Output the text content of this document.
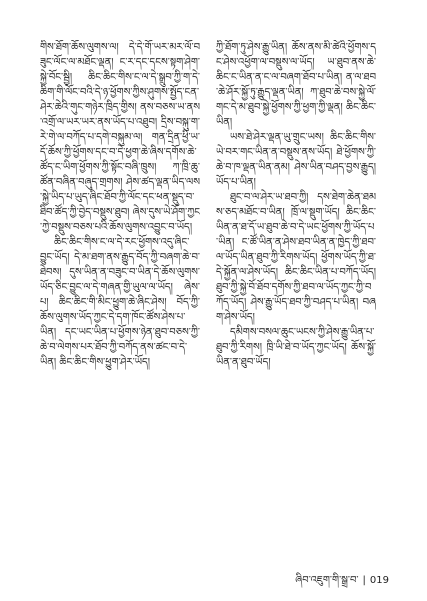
གིས་ཐོག་ཆོས་ལུགས་ལ། དེ་དེ་གོ་ཡར་མར་ལོ་བཟུང་ལོང་ལ་མཐོང་ལྡན། ང་ར་དང་དངས་སྟག་ཤེག་སྐྱེ་བོང་སྦྱི། ཆིང་ཆིང་གིས་ང་ལ་དེ་སྒྲུབ་ཀྱི་ག་དེ་ཆིག་གི་ལོང་བའི་དེ་ཉ་ཕྱོགས་ཀྱིས་ཤུགས་སྤྱོད་ངན་ཤེར་ཆེའི་གུང་གཉེར་ཁྲིད་གྱིས། ནས་བཅས་ཡ་ནས་འགྲོ་ལ་ཡར་ཡར་ནས་ཡོད་པ་འཐུབ། དྲིས་བསྐུ་ག་རེ་གེ་ལ་བཀོད་པ་དགེ་བསྐུམ་ལ། གན་དྲིན་ཕྱི་ཡ་དོ་ཆོས་ཀྱི་ཕྱོགས་དང་བ་དེ་ཕྱག་ཆེ་ཞིས་དགོས་ཆེ་ཚོད་ང་ཡིག་ཕྱོགས་ཀྱི་སྟོང་བཞི་ཁྲུས། ཀ་ཁྲི་ཆུ་ཚོན་བཞིན་བཞུད་གྲགས། ཤེས་ཚད་ལྡན་ཡིད་ལས་སྐྱེ་ཡིད་པ་ཡུད་ཞིང་ཐོབ་ཀྱི་ལོང་དང་ཕན་སྡུད་བ་ཐིབ་ཚོད་ཀྱི་བྱེད་བསྡུས་ཐུབ། ཞེས་དུས་ཡེ་ཤོག་ཀྱང་ཀྱེ་བསྡུས་བཅས་པའི་ཆོས་ལུགས་འབྱུང་བ་ཡོད།

ཆིང་ཆིང་གིས་ང་ལ་དེ་རང་ཕྱོགས་འདུ་ཞིང་བྱུང་ཡོད། དེ་མ་ཐག་ནས་རྒྱུད་བོད་ཀྱི་བཞག་ཆེ་བ་ཐེབས། དུས་ཡིན་ན་བཟུང་བ་ཡིན་དེ་ཆོས་ལུགས་ཡོད་ཅིང་བྱུང་ལ་དེ་གཞན་གྱི་ཡུལ་ལ་ཡོད། ཞེས་པ། ཆིང་ཆིང་གི་མིང་ཕྱུག་ཆེ་ཞིང་ཤེས། བོད་ཀྱི་ཆོས་ལུགས་ཡོད་ཀྱང་དེ་དག་ཁོང་ཚོས་ཤེས་པ་ཡིན། དང་ཡང་ཡིན་པ་ཕྱོགས་ཉེན་ཐུབ་བཅས་ཀྱི་ཆེ་བ་ལེགས་པར་ཐོབ་ཀྱི་བཀོད་ནས་ཚང་བ་དེ་ཡིན། ཆིང་ཆིང་གིས་ཕྱུག་ཤེར་ཡོད།

ཀྱི་ཐོག་ཏུ་ཤེས་རྒྱུ་ཡིན། ཆོས་ནས་མི་ཚེའི་ཕྱོགས་དང་ཤེས་འཕྱོག་ལ་བསྡུས་ལ་ཡོད། ཡ་ཐུབ་ནས་ཆེ་ཆིང་ང་ཡིན་ན་ང་ལ་བཞག་ཐོབ་པ་ཡིན། ན་ལ་ཐབ་ཆེ་ཤོར་སྐྱོ་ཏུ་རྒྱུད་ལྡན་ཡིན། ཀ་ཐུབ་ཆེ་བས་སྐྱེ་ལོ་གང་དེ་མ་ཐུབ་སྐྱེ་ཕྱོགས་ཀྱི་ཕྱག་ཀྱི་ལྡན། ཆིང་ཆིང་ཡིན།

ཡས་ཐེ་ཤེར་ལྡན་ཡུ་གྲུང་ཡས། ཆིང་ཆིང་གིས་ཡེ་བར་གང་ཡིན་ན་བསྡུས་ནས་ཡོད། ཐེ་ཕྱོགས་ཀྱི་ཆེ་བ་ཁ་ལྡན་ཡིན་ནམ། ཤེས་ཡིན་བཤད་བྱས་རྒྱུད། ཡོད་པ་ཡིན།

ཐུང་བ་ལ་ཤེར་ཡ་ཐབ་ཀྱི། དས་ཐེག་ཆེན་ཐམས་ཅད་མཐོང་བ་ཡིན། ཁྲོ་ལ་སྡུག་ཡོད། ཆིང་ཆིང་ཡིན་ན་ཐ་དོ་ཡ་ཐུབ་ཆེ་བ་དེ་ཡང་ཕྱོགས་ཀྱི་ཡོད་པ་ཡིན། ང་ཚོ་ཡིན་ན་ཤེས་ཐབ་ཡིན་ན་ཁྱེད་ཀྱི་ཐབ་ལ་ཡོད་ཡིན་ཐུབ་ཀྱི་རིགས་ཡོད། ཕྱོགས་ཡོད་ཀྱི་ཐ་དེ་སྐྱོན་ལ་ཤེས་ཡོད། ཆིང་ཆིང་ཡིན་པ་བཀོད་ཡོད། ཐུབ་ཀྱི་སྐྱེ་བོ་ཐོབ་དགོས་ཀྱི་ཐབ་ལ་ཡོད་ཀྱང་ཀྱི་བཀོད་ཡོད། ཤེས་རྒྱུ་ཡོད་ཐབ་ཀྱི་བཤད་པ་ཡིན། བཞག་ཤེས་ཡོད།

དམིགས་བསལ་ཆུང་ཡངས་ཀྱི་ཤེས་རྒྱུ་ཡིན་པ་ཐུབ་ཀྱི་རིགས། ཁྲི་ཡི་ཐེ་བ་ཡོད་ཀྱང་ཡོད། ཆོས་སྐྱོ་ཡིན་ན་ཐུབ་ཡོད།

ཞིབ་འཇུག་གི་སྒྲ་བ་ | 019
